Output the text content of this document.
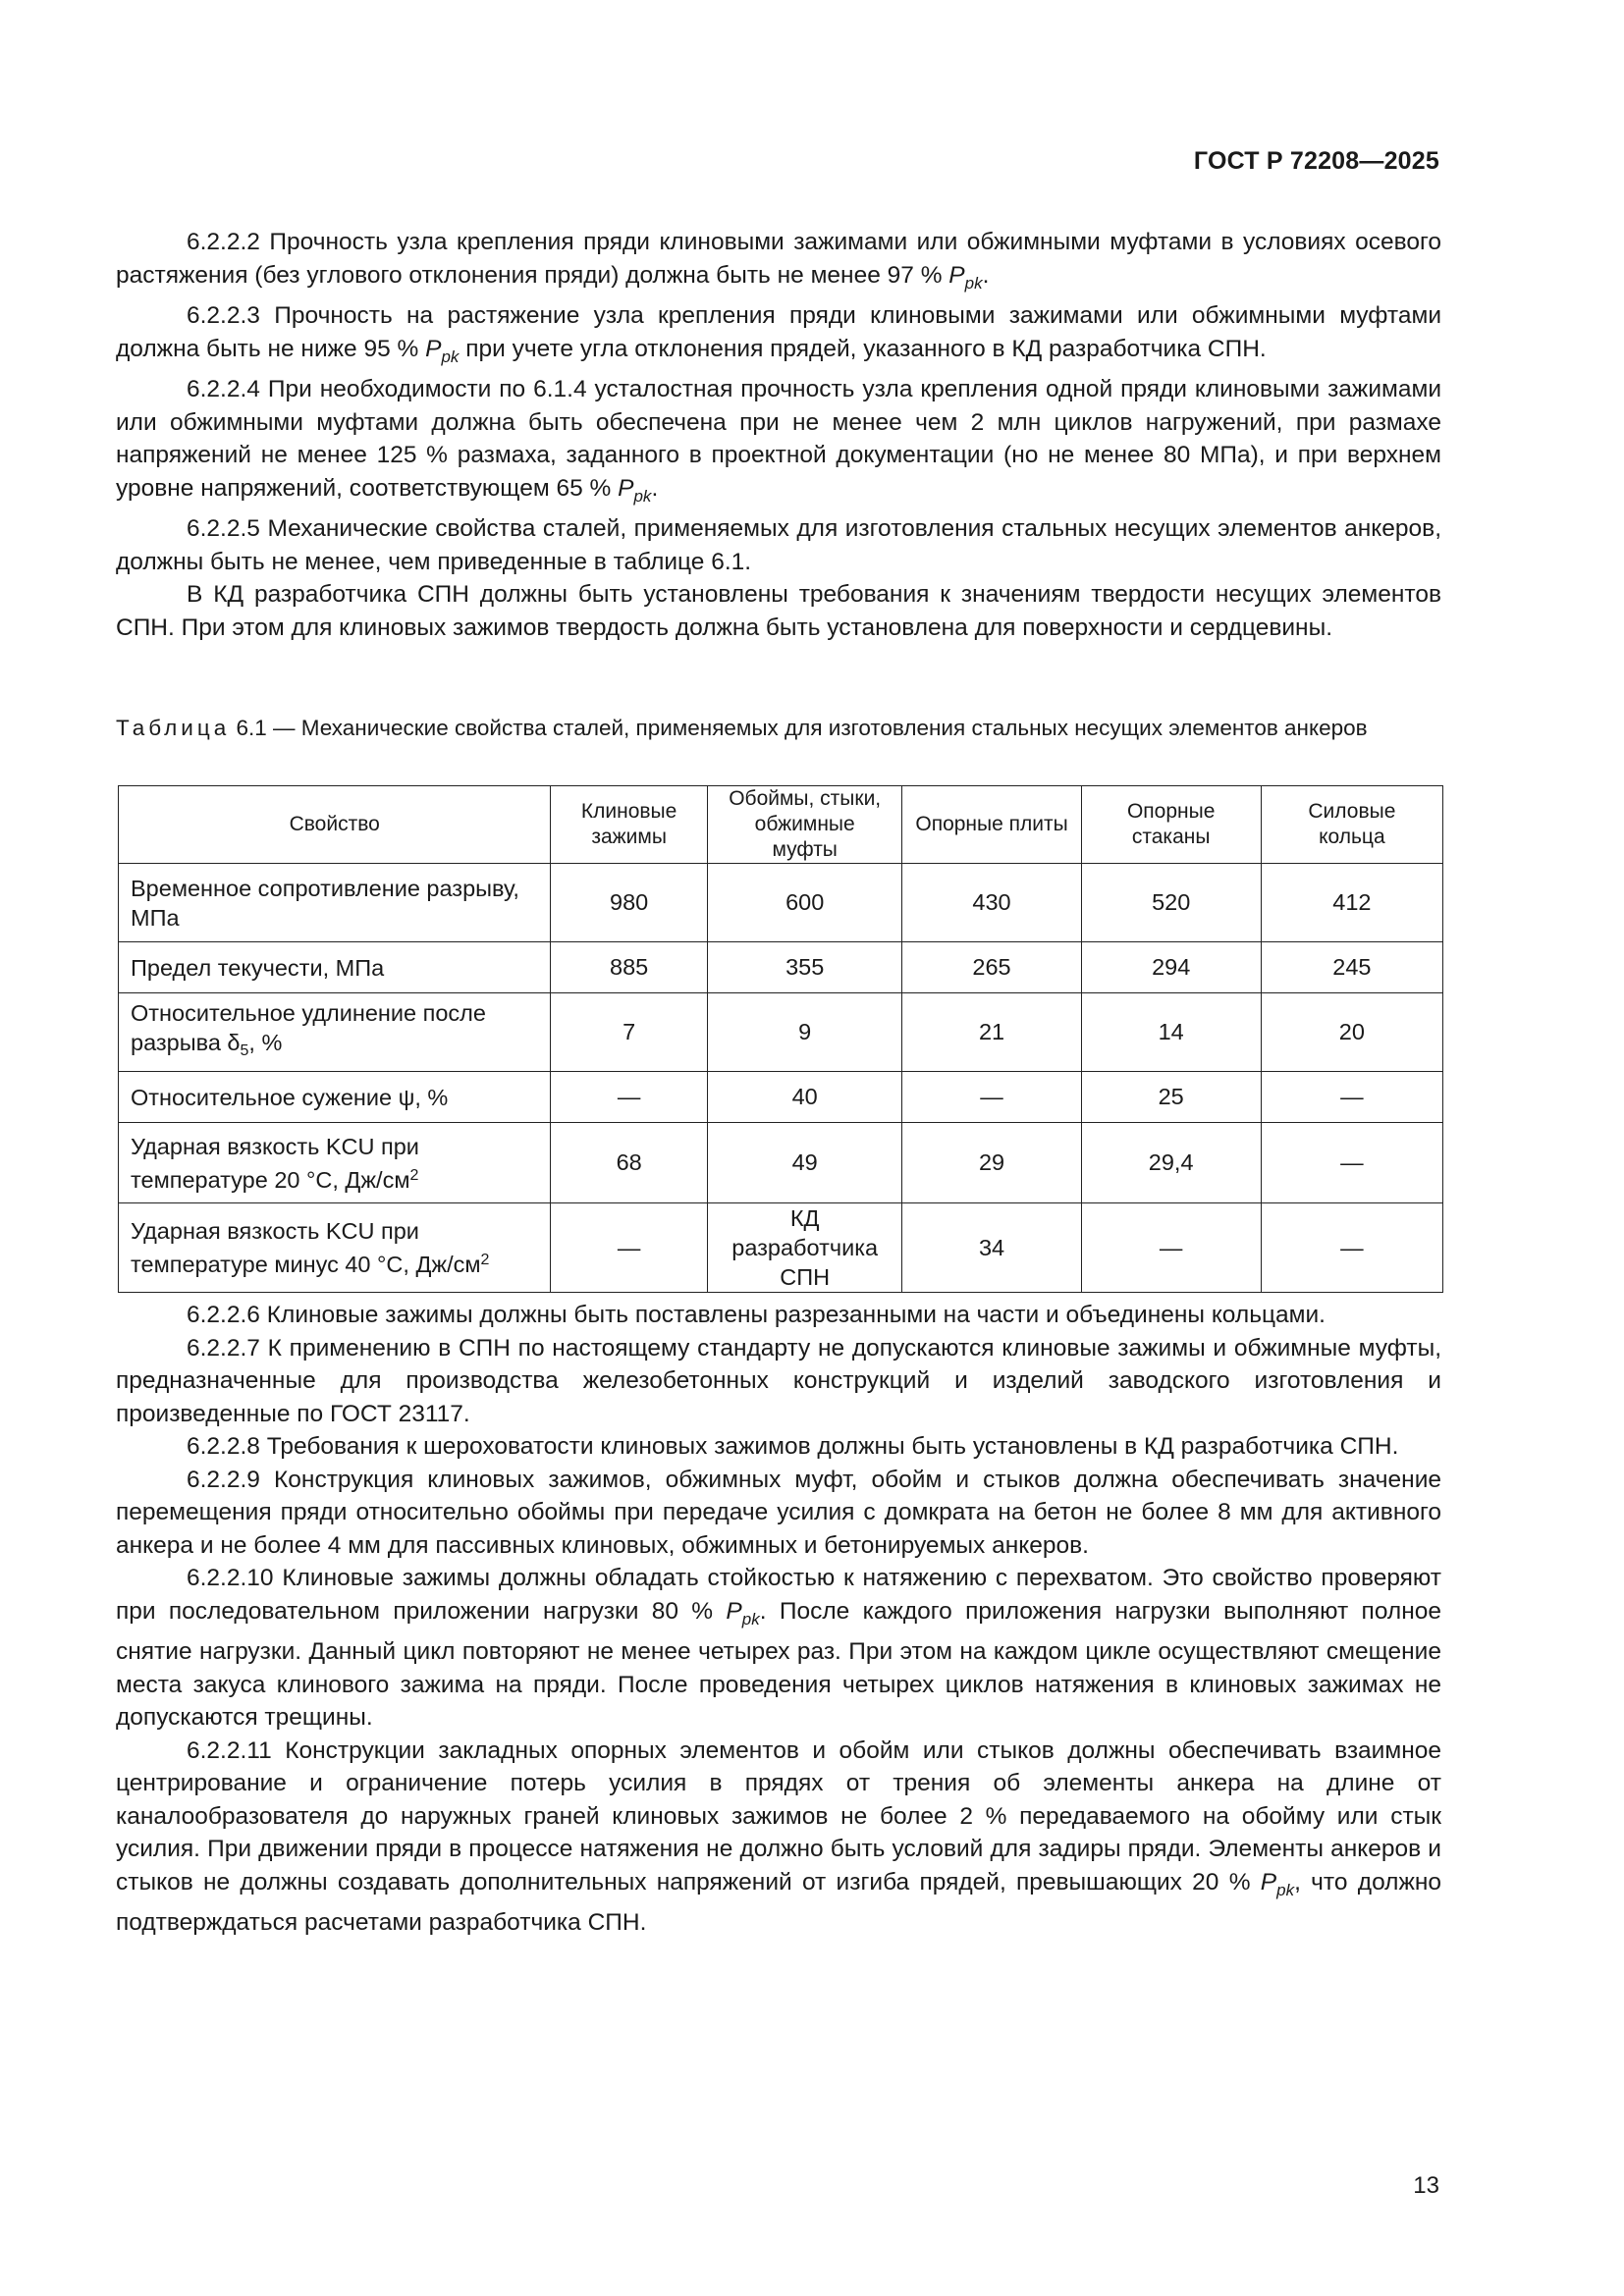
ГОСТ Р 72208—2025

6.2.2.2 Прочность узла крепления пряди клиновыми зажимами или обжимными муфтами в условиях осевого растяжения (без углового отклонения пряди) должна быть не менее 97 % $P_{pk}$.

6.2.2.3 Прочность на растяжение узла крепления пряди клиновыми зажимами или обжимными муфтами должна быть не ниже 95 % $P_{pk}$ при учете угла отклонения прядей, указанного в КД разработчика СПН.

6.2.2.4 При необходимости по 6.1.4 усталостная прочность узла крепления одной пряди клиновыми зажимами или обжимными муфтами должна быть обеспечена при не менее чем 2 млн циклов нагружений, при размахе напряжений не менее 125 % размаха, заданного в проектной документации (но не менее 80 МПа), и при верхнем уровне напряжений, соответствующем 65 % $P_{pk}$.

6.2.2.5 Механические свойства сталей, применяемых для изготовления стальных несущих элементов анкеров, должны быть не менее, чем приведенные в таблице 6.1.

В КД разработчика СПН должны быть установлены требования к значениям твердости несущих элементов СПН. При этом для клиновых зажимов твердость должна быть установлена для поверхности и сердцевины.

Таблица 6.1 — Механические свойства сталей, применяемых для изготовления стальных несущих элементов анкеров
Свойство	Клиновые зажимы	Обоймы, стыки, обжимные муфты	Опорные плиты	Опорные стаканы	Силовые кольца
Временное сопротивление разрыву, МПа	980	600	430	520	412
Предел текучести, МПа	885	355	265	294	245
Относительное удлинение после разрыва $\delta_5$, %	7	9	21	14	20
Относительное сужение ψ, %	—	40	—	25	—
Ударная вязкость KCU при температуре 20 °С, $Дж/см^2$	68	49	29	29,4	—
Ударная вязкость KCU при температуре минус 40 °С, $Дж/см^2$	—	КД разработчика СПН	34	—	—

6.2.2.6 Клиновые зажимы должны быть поставлены разрезанными на части и объединены кольцами.

6.2.2.7 К применению в СПН по настоящему стандарту не допускаются клиновые зажимы и обжимные муфты, предназначенные для производства железобетонных конструкций и изделий заводского изготовления и произведенные по ГОСТ 23117.

6.2.2.8 Требования к шероховатости клиновых зажимов должны быть установлены в КД разработчика СПН.

6.2.2.9 Конструкция клиновых зажимов, обжимных муфт, обойм и стыков должна обеспечивать значение перемещения пряди относительно обоймы при передаче усилия с домкрата на бетон не более 8 мм для активного анкера и не более 4 мм для пассивных клиновых, обжимных и бетонируемых анкеров.

6.2.2.10 Клиновые зажимы должны обладать стойкостью к натяжению с перехватом. Это свойство проверяют при последовательном приложении нагрузки 80 % $P_{pk}$. После каждого приложения нагрузки выполняют полное снятие нагрузки. Данный цикл повторяют не менее четырех раз. При этом на каждом цикле осуществляют смещение места закуса клинового зажима на пряди. После проведения четырех циклов натяжения в клиновых зажимах не допускаются трещины.

6.2.2.11 Конструкции закладных опорных элементов и обойм или стыков должны обеспечивать взаимное центрирование и ограничение потерь усилия в прядях от трения об элементы анкера на длине от каналообразователя до наружных граней клиновых зажимов не более 2 % передаваемого на обойму или стык усилия. При движении пряди в процессе натяжения не должно быть условий для задиры пряди. Элементы анкеров и стыков не должны создавать дополнительных напряжений от изгиба прядей, превышающих 20 % $P_{pk}$, что должно подтверждаться расчетами разработчика СПН.

13
